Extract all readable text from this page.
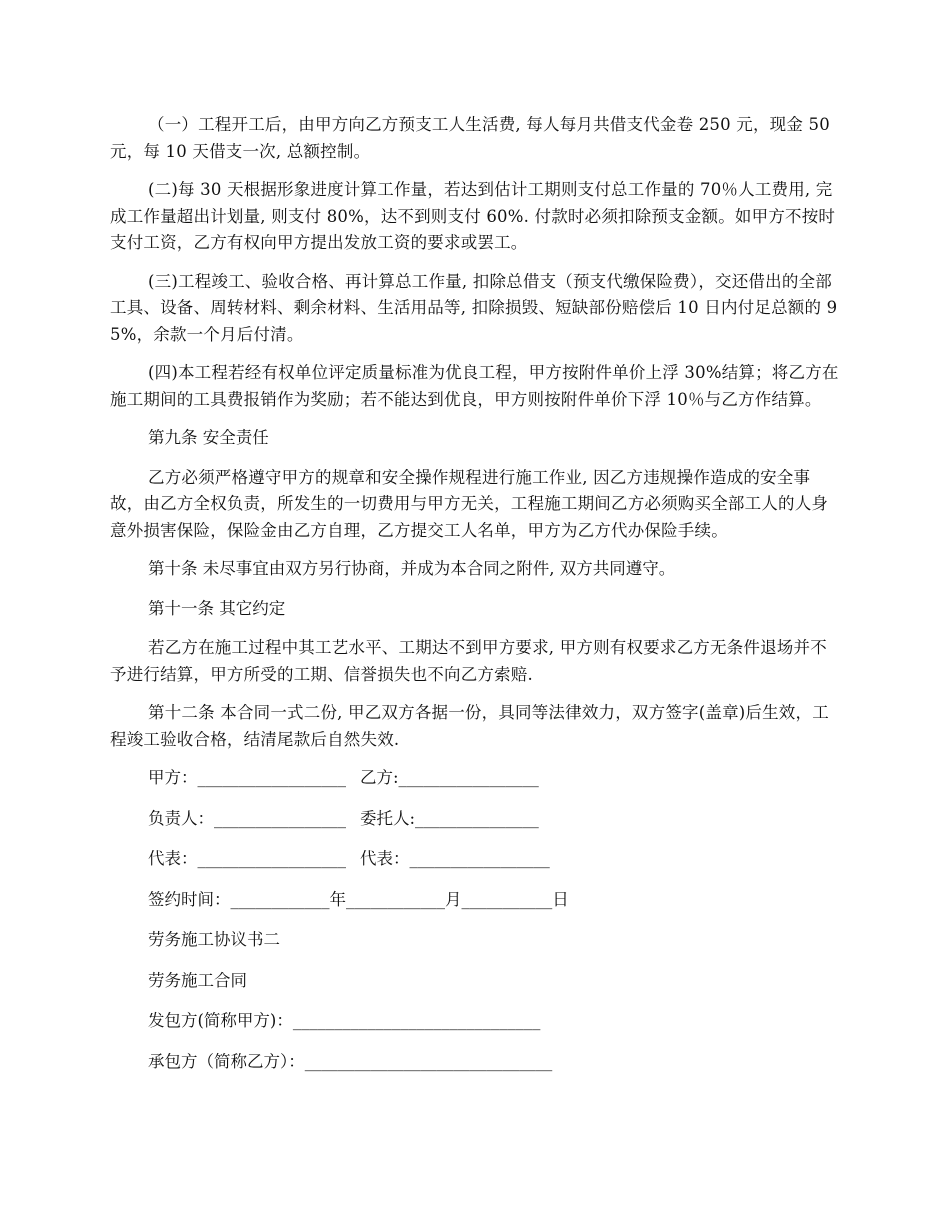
（一）工程开工后，由甲方向乙方预支工人生活费, 每人每月共借支代金卷 250 元，现金 50 元，每 10 天借支一次, 总额控制。

(二)每 30 天根据形象进度计算工作量，若达到估计工期则支付总工作量的 70％人工费用, 完成工作量超出计划量, 则支付 80%，达不到则支付 60%. 付款时必须扣除预支金额。如甲方不按时支付工资，乙方有权向甲方提出发放工资的要求或罢工。

(三)工程竣工、验收合格、再计算总工作量, 扣除总借支（预支代缴保险费），交还借出的全部工具、设备、周转材料、剩余材料、生活用品等, 扣除损毁、短缺部份赔偿后 10 日内付足总额的 95%，余款一个月后付清。

(四)本工程若经有权单位评定质量标准为优良工程，甲方按附件单价上浮 30%结算；将乙方在施工期间的工具费报销作为奖励；若不能达到优良，甲方则按附件单价下浮 10％与乙方作结算。

第九条 安全责任

乙方必须严格遵守甲方的规章和安全操作规程进行施工作业, 因乙方违规操作造成的安全事故，由乙方全权负责，所发生的一切费用与甲方无关，工程施工期间乙方必须购买全部工人的人身意外损害保险，保险金由乙方自理，乙方提交工人名单，甲方为乙方代办保险手续。

第十条 未尽事宜由双方另行协商，并成为本合同之附件, 双方共同遵守。

第十一条 其它约定

若乙方在施工过程中其工艺水平、工期达不到甲方要求, 甲方则有权要求乙方无条件退场并不予进行结算，甲方所受的工期、信誉损失也不向乙方索赔.

第十二条 本合同一式二份, 甲乙双方各据一份，具同等法律效力，双方签字(盖章)后生效，工程竣工验收合格，结清尾款后自然失效.

甲方：__________________ 乙方:_________________
负责人：________________ 委托人:_______________
代表：__________________ 代表：_________________
签约时间：____________年____________月___________日
劳务施工协议书二
劳务施工合同
发包方(简称甲方)：______________________________
承包方（简称乙方）：______________________________
